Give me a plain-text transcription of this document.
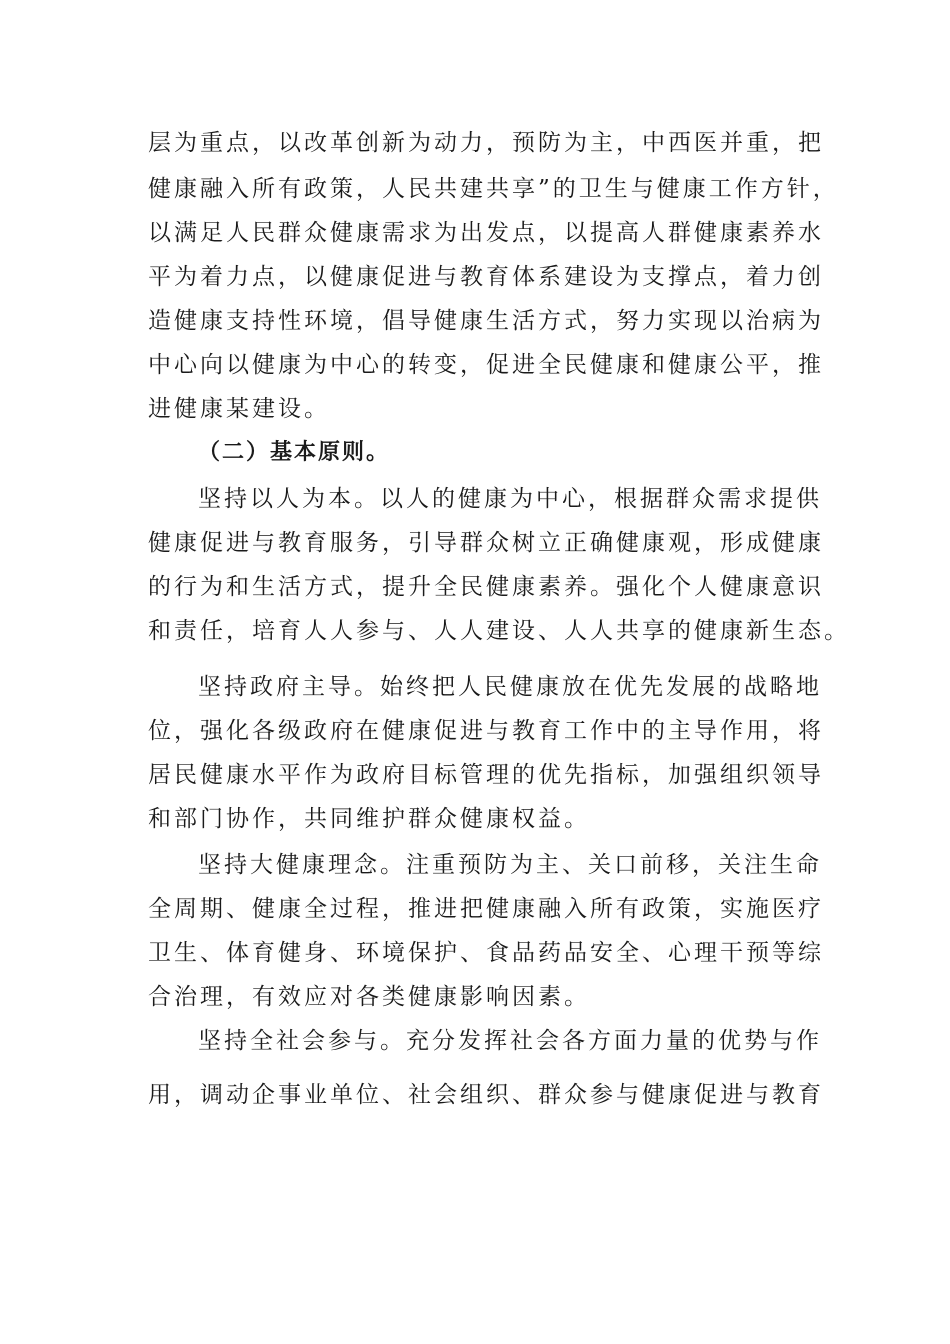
层为重点，以改革创新为动力，预防为主，中西医并重，把
健康融入所有政策，人民共建共享”的卫生与健康工作方针，
以满足人民群众健康需求为出发点，以提高人群健康素养水
平为着力点，以健康促进与教育体系建设为支撑点，着力创
造健康支持性环境，倡导健康生活方式，努力实现以治病为
中心向以健康为中心的转变，促进全民健康和健康公平，推
进健康某建设。
（二）基本原则。
坚持以人为本。以人的健康为中心，根据群众需求提供
健康促进与教育服务，引导群众树立正确健康观，形成健康
的行为和生活方式，提升全民健康素养。强化个人健康意识
和责任，培育人人参与、人人建设、人人共享的健康新生态。
坚持政府主导。始终把人民健康放在优先发展的战略地
位，强化各级政府在健康促进与教育工作中的主导作用，将
居民健康水平作为政府目标管理的优先指标，加强组织领导
和部门协作，共同维护群众健康权益。
坚持大健康理念。注重预防为主、关口前移，关注生命
全周期、健康全过程，推进把健康融入所有政策，实施医疗
卫生、体育健身、环境保护、食品药品安全、心理干预等综
合治理，有效应对各类健康影响因素。
坚持全社会参与。充分发挥社会各方面力量的优势与作
用，调动企事业单位、社会组织、群众参与健康促进与教育
